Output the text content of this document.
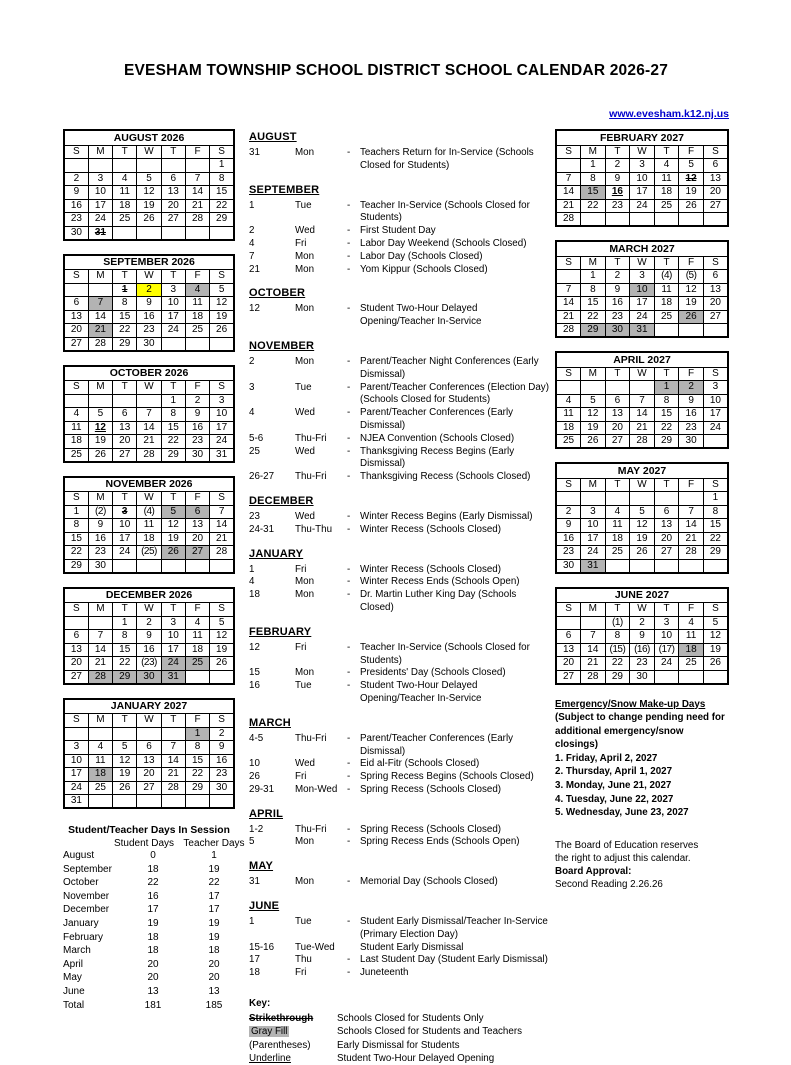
EVESHAM TOWNSHIP SCHOOL DISTRICT SCHOOL CALENDAR 2026-27
www.evesham.k12.nj.us
AUGUST 2026						
S	M	T	W	T	F	S
						1
2	3	4	5	6	7	8
9	10	11	12	13	14	15
16	17	18	19	20	21	22
23	24	25	26	27	28	29
30	31					
SEPTEMBER 2026						
S	M	T	W	T	F	S
		1	2	3	4	5
6	7	8	9	10	11	12
13	14	15	16	17	18	19
20	21	22	23	24	25	26
27	28	29	30			
OCTOBER 2026						
S	M	T	W	T	F	S
				1	2	3
4	5	6	7	8	9	10
11	12	13	14	15	16	17
18	19	20	21	22	23	24
25	26	27	28	29	30	31
NOVEMBER 2026						
S	M	T	W	T	F	S
1	(2)	3	(4)	5	6	7
8	9	10	11	12	13	14
15	16	17	18	19	20	21
22	23	24	(25)	26	27	28
29	30					
DECEMBER 2026						
S	M	T	W	T	F	S
		1	2	3	4	5
6	7	8	9	10	11	12
13	14	15	16	17	18	19
20	21	22	(23)	24	25	26
27	28	29	30	31		
JANUARY 2027						
S	M	T	W	T	F	S
					1	2
3	4	5	6	7	8	9
10	11	12	13	14	15	16
17	18	19	20	21	22	23
24	25	26	27	28	29	30
31						
Student/Teacher Days In Session
Student Days Teacher Days
August	0	1
September	18	19
October	22	22
November	16	17
December	17	17
January	19	19
February	18	19
March	18	18
April	20	20
May	20	20
June	13	13
Total	181	185
AUGUST
31	Mon	- Teachers Return for In-Service (Schools Closed for Students)
SEPTEMBER
1	Tue	- Teacher In-Service (Schools Closed for Students)
2	Wed	- First Student Day
4	Fri	- Labor Day Weekend (Schools Closed)
7	Mon	- Labor Day (Schools Closed)
21	Mon	- Yom Kippur (Schools Closed)
OCTOBER
12	Mon	- Student Two-Hour Delayed Opening/Teacher In-Service
NOVEMBER
2	Mon	- Parent/Teacher Night Conferences (Early Dismissal)
3	Tue	- Parent/Teacher Conferences (Election Day)
(Schools Closed for Students)
4	Wed	- Parent/Teacher Conferences (Early Dismissal)
5-6	Thu-Fri	- NJEA Convention (Schools Closed)
25	Wed	- Thanksgiving Recess Begins (Early Dismissal)
26-27	Thu-Fri	- Thanksgiving Recess (Schools Closed)
DECEMBER
23	Wed	- Winter Recess Begins (Early Dismissal)
24-31	Thu-Thu	- Winter Recess (Schools Closed)
JANUARY
1	Fri	- Winter Recess (Schools Closed)
4	Mon	- Winter Recess Ends (Schools Open)
18	Mon	- Dr. Martin Luther King Day (Schools Closed)
FEBRUARY
12	Fri	- Teacher In-Service (Schools Closed for Students)
15	Mon	- Presidents' Day (Schools Closed)
16	Tue	- Student Two-Hour Delayed Opening/Teacher In-Service
MARCH
4-5	Thu-Fri	- Parent/Teacher Conferences (Early Dismissal)
10	Wed	- Eid al-Fitr (Schools Closed)
26	Fri	- Spring Recess Begins (Schools Closed)
29-31	Mon-Wed - Spring Recess (Schools Closed)
APRIL
1-2	Thu-Fri	- Spring Recess (Schools Closed)
5	Mon	- Spring Recess Ends (Schools Open)
MAY
31	Mon	- Memorial Day (Schools Closed)
JUNE
1	Tue	- Student Early Dismissal/Teacher In-Service (Primary Election Day)
15-16	Tue-Wed	Student Early Dismissal
17	Thu	- Last Student Day (Student Early Dismissal)
18	Fri	- Juneteenth
Key:
Strikethrough	Schools Closed for Students Only
Gray Fill	Schools Closed for Students and Teachers
(Parentheses)	Early Dismissal for Students
Underline	Student Two-Hour Delayed Opening
FEBRUARY 2027						
S	M	T	W	T	F	S
	1	2	3	4	5	6
7	8	9	10	11	12	13
14	15	16	17	18	19	20
21	22	23	24	25	26	27
28						
MARCH 2027						
S	M	T	W	T	F	S
	1	2	3	(4)	(5)	6
7	8	9	10	11	12	13
14	15	16	17	18	19	20
21	22	23	24	25	26	27
28	29	30	31			
APRIL 2027						
S	M	T	W	T	F	S
				1	2	3
4	5	6	7	8	9	10
11	12	13	14	15	16	17
18	19	20	21	22	23	24
25	26	27	28	29	30	
MAY 2027						
S	M	T	W	T	F	S
						1
2	3	4	5	6	7	8
9	10	11	12	13	14	15
16	17	18	19	20	21	22
23	24	25	26	27	28	29
30	31					
JUNE 2027						
S	M	T	W	T	F	S
		(1)	2	3	4	5
6	7	8	9	10	11	12
13	14	(15)	(16)	(17)	18	19
20	21	22	23	24	25	26
27	28	29	30			
Emergency/Snow Make-up Days
(Subject to change pending need for
additional emergency/snow closings)
1. Friday, April 2, 2027
2. Thursday, April 1, 2027
3. Monday, June 21, 2027
4. Tuesday, June 22, 2027
5. Wednesday, June 23, 2027
The Board of Education reserves
the right to adjust this calendar.
Board Approval:
Second Reading 2.26.26
